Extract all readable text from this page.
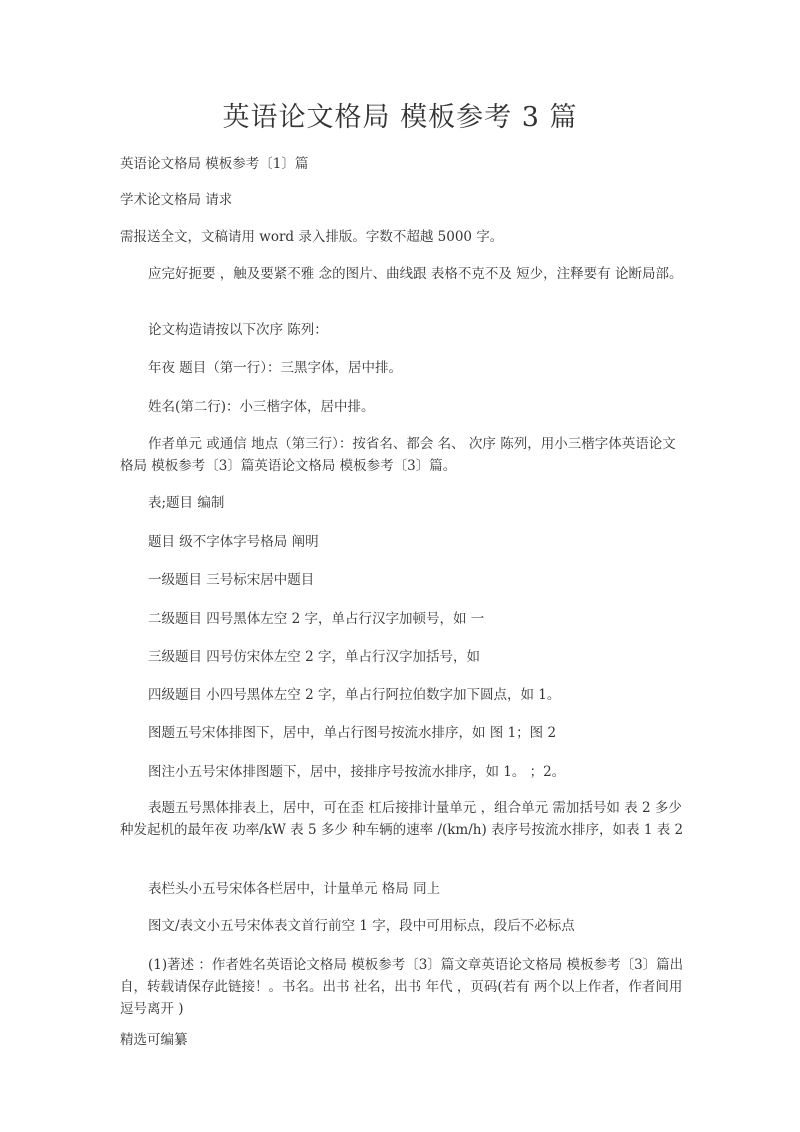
英语论文格局 模板参考 3 篇

英语论文格局 模板参考〔1〕篇

学术论文格局 请求

需报送全文，文稿请用 word 录入排版。字数不超越 5000 字。

应完好扼要 ，触及要紧不雅 念的图片、曲线跟 表格不克不及 短少，注释要有 论断局部。

论文构造请按以下次序 陈列：

年夜 题目（第一行）：三黑字体，居中排。

姓名(第二行)：小三楷字体，居中排。

作者单元 或通信 地点（第三行）：按省名、都会 名、 次序 陈列，用小三楷字体英语论文格局 模板参考〔3〕篇英语论文格局 模板参考〔3〕篇。

表;题目 编制

题目 级不字体字号格局 阐明

一级题目 三号标宋居中题目

二级题目 四号黑体左空 2 字，单占行汉字加顿号，如 一

三级题目 四号仿宋体左空 2 字，单占行汉字加括号，如

四级题目 小四号黑体左空 2 字，单占行阿拉伯数字加下圆点，如 1。

图题五号宋体排图下，居中，单占行图号按流水排序，如 图 1；图 2

图注小五号宋体排图题下，居中，接排序号按流水排序，如 1。 ；2。

表题五号黑体排表上，居中，可在歪 杠后接排计量单元 ，组合单元 需加括号如 表 2 多少 种发起机的最年夜 功率/kW 表 5 多少 种车辆的速率 /(km/h) 表序号按流水排序，如表 1 表 2

表栏头小五号宋体各栏居中，计量单元 格局 同上

图文/表文小五号宋体表文首行前空 1 字，段中可用标点，段后不必标点

(1)著述 ：作者姓名英语论文格局 模板参考〔3〕篇文章英语论文格局 模板参考〔3〕篇出自，转载请保存此链接！。书名。出书 社名，出书 年代 ，页码(若有 两个以上作者，作者间用逗号离开 )

精选可编纂
